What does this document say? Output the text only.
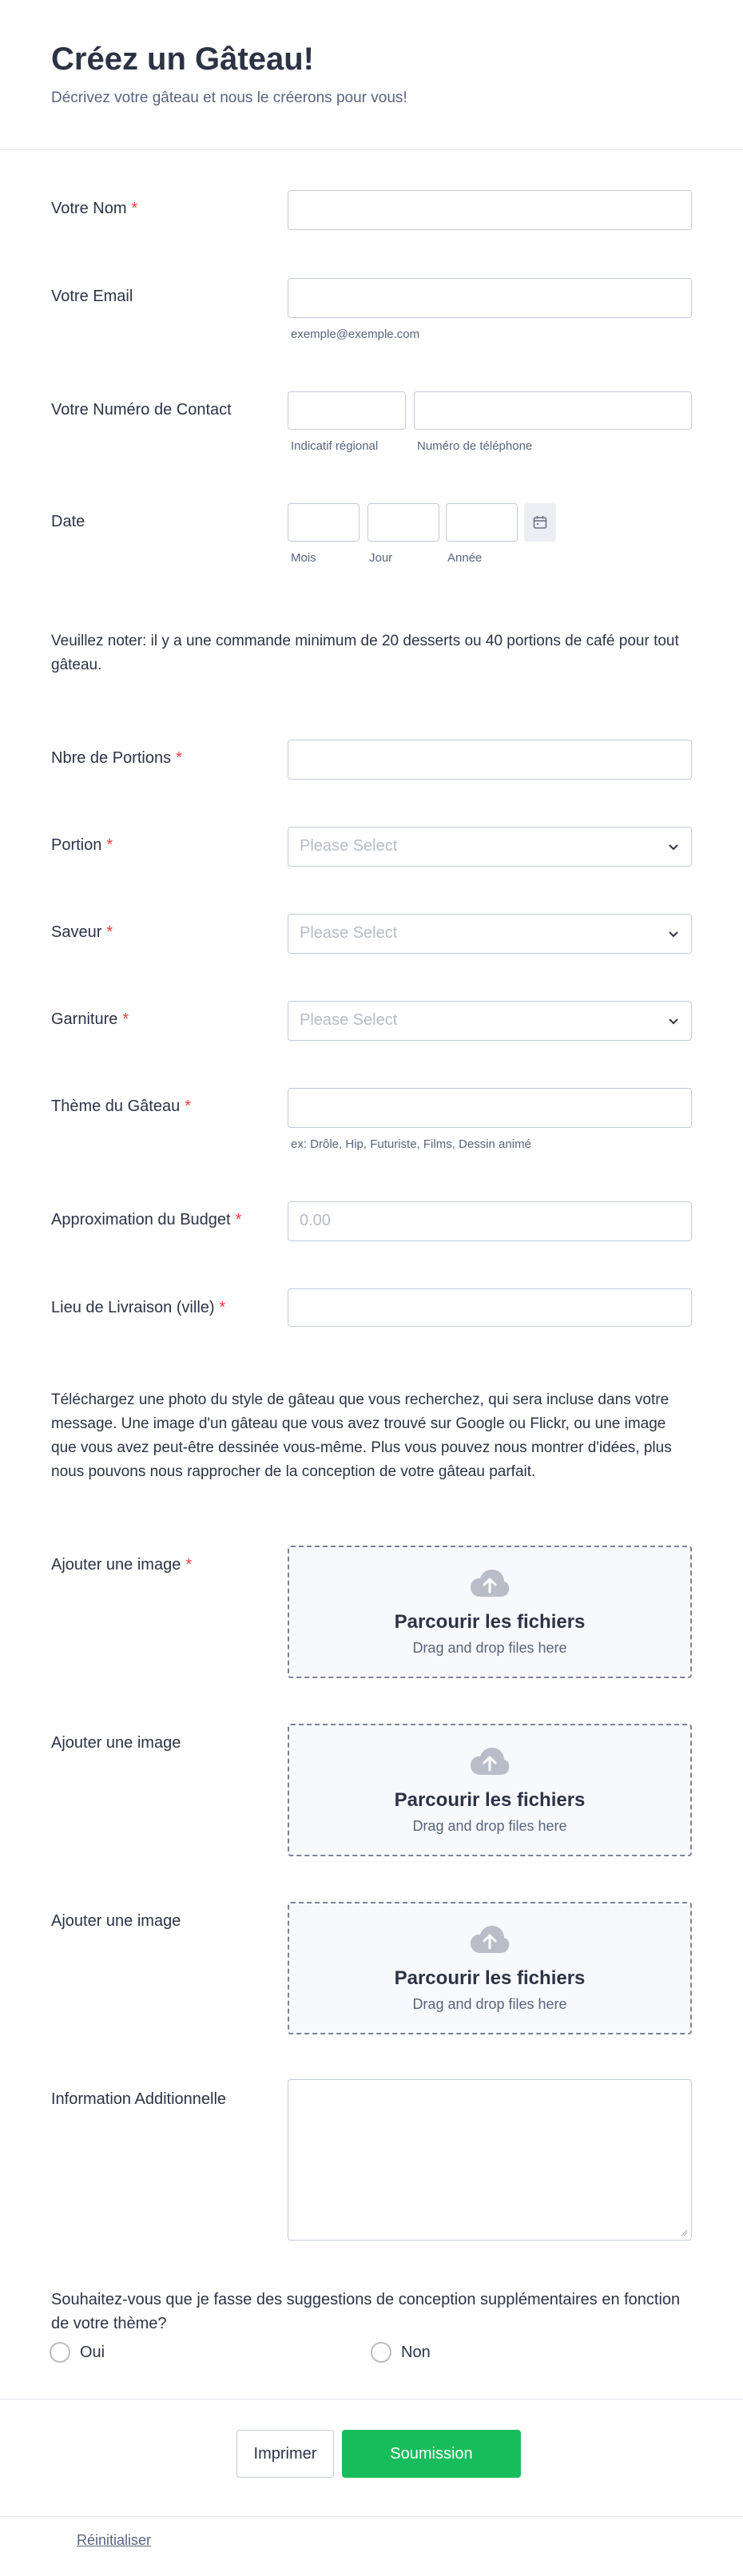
Créez un Gâteau!
Décrivez votre gâteau et nous le créerons pour vous!
Votre Nom *
Votre Email
exemple@exemple.com
Votre Numéro de Contact
Indicatif régional	Numéro de téléphone
Date
Mois	Jour	Année
Veuillez noter: il y a une commande minimum de 20 desserts ou 40 portions de café pour tout gâteau.
Nbre de Portions *
Portion *	Please Select
Saveur *	Please Select
Garniture *	Please Select
Thème du Gâteau *
ex: Drôle, Hip, Futuriste, Films, Dessin animé
Approximation du Budget *	0.00
Lieu de Livraison (ville) *
Téléchargez une photo du style de gâteau que vous recherchez, qui sera incluse dans votre message. Une image d'un gâteau que vous avez trouvé sur Google ou Flickr, ou une image que vous avez peut-être dessinée vous-même. Plus vous pouvez nous montrer d'idées, plus nous pouvons nous rapprocher de la conception de votre gâteau parfait.
Ajouter une image *
Parcourir les fichiers
Drag and drop files here
Ajouter une image
Parcourir les fichiers
Drag and drop files here
Ajouter une image
Parcourir les fichiers
Drag and drop files here
Information Additionnelle
Souhaitez-vous que je fasse des suggestions de conception supplémentaires en fonction de votre thème?
Oui	Non
Imprimer	Soumission
Réinitialiser
